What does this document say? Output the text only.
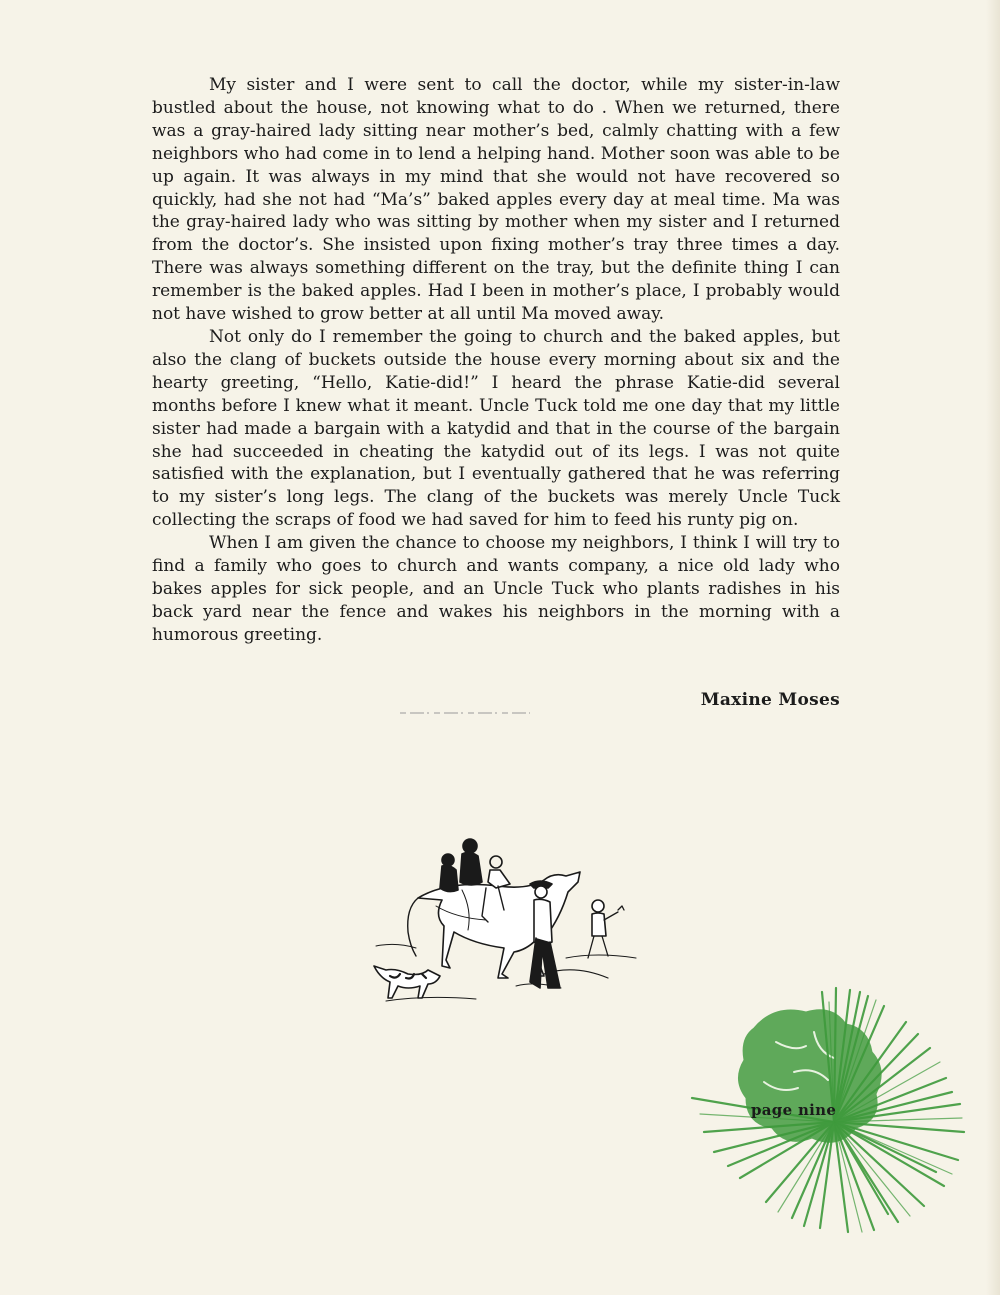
My sister and I were sent to call the doctor, while my sister-in-law bustled about the house, not knowing what to do . When we returned, there was a gray-haired lady sitting near mother’s bed, calmly chatting with a few neighbors who had come in to lend a helping hand. Mother soon was able to be up again. It was always in my mind that she would not have recovered so quickly, had she not had “Ma’s” baked apples every day at meal time. Ma was the gray-haired lady who was sitting by mother when my sister and I returned from the doctor’s. She insisted upon fixing mother’s tray three times a day. There was always something different on the tray, but the definite thing I can remember is the baked apples. Had I been in mother’s place, I probably would not have wished to grow better at all until Ma moved away.

Not only do I remember the going to church and the baked apples, but also the clang of buckets outside the house every morning about six and the hearty greeting, “Hello, Katie-did!” I heard the phrase Katie-did several months before I knew what it meant. Uncle Tuck told me one day that my little sister had made a bargain with a katydid and that in the course of the bargain she had succeeded in cheating the katydid out of its legs. I was not quite satisfied with the explanation, but I eventually gathered that he was referring to my sister’s long legs. The clang of the buckets was merely Uncle Tuck collecting the scraps of food we had saved for him to feed his runty pig on.

When I am given the chance to choose my neighbors, I think I will try to find a family who goes to church and wants company, a nice old lady who bakes apples for sick people, and an Uncle Tuck who plants radishes in his back yard near the fence and wakes his neighbors in the morning with a humorous greeting.

Maxine Moses
page nine
